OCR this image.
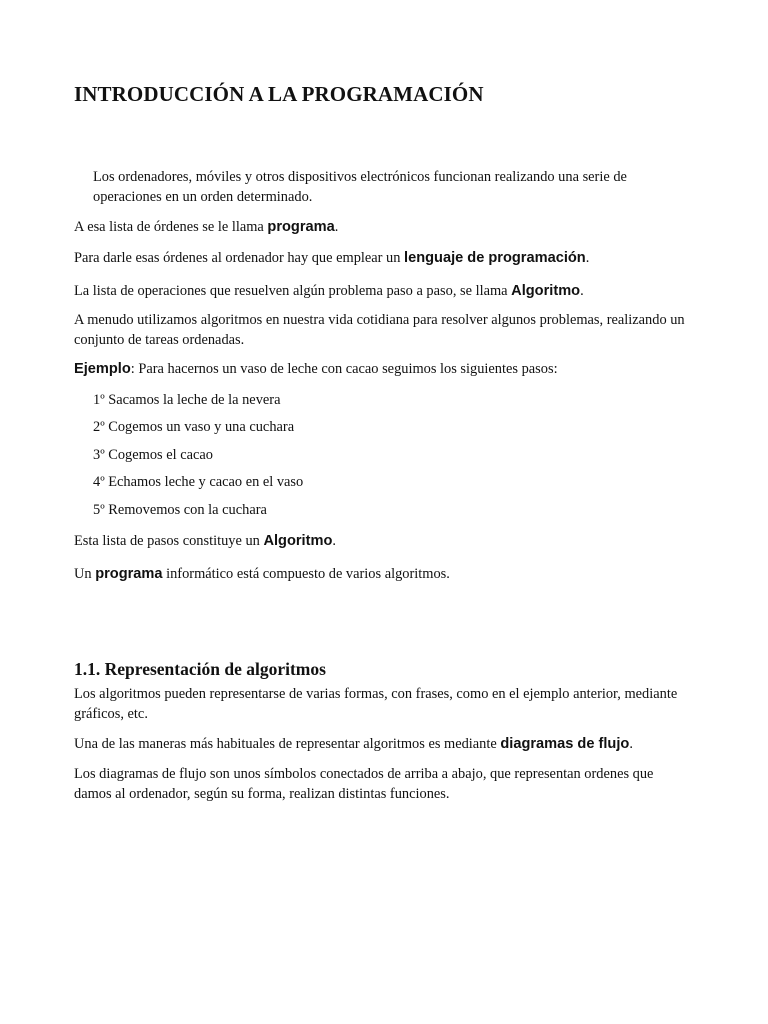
INTRODUCCIÓN A LA PROGRAMACIÓN

Los ordenadores, móviles y otros dispositivos electrónicos funcionan realizando una serie de operaciones en un orden determinado.

A esa lista de órdenes se le llama programa.

Para darle esas órdenes al ordenador hay que emplear un lenguaje de programación.

La lista de operaciones que resuelven algún problema paso a paso, se llama Algoritmo.

A menudo utilizamos algoritmos en nuestra vida cotidiana para resolver algunos problemas, realizando un conjunto de tareas ordenadas.

Ejemplo: Para hacernos un vaso de leche con cacao seguimos los siguientes pasos:

1º Sacamos la leche de la nevera

2º Cogemos un vaso y una cuchara

3º Cogemos el cacao

4º Echamos leche y cacao en el vaso

5º Removemos con la cuchara

Esta lista de pasos constituye un Algoritmo.

Un programa informático está compuesto de varios algoritmos.

1.1. Representación de algoritmos

Los algoritmos pueden representarse de varias formas, con frases, como en el ejemplo anterior, mediante gráficos, etc.

Una de las maneras más habituales de representar algoritmos es mediante diagramas de flujo.

Los diagramas de flujo son unos símbolos conectados de arriba a abajo, que representan ordenes que damos al ordenador, según su forma, realizan distintas funciones.
